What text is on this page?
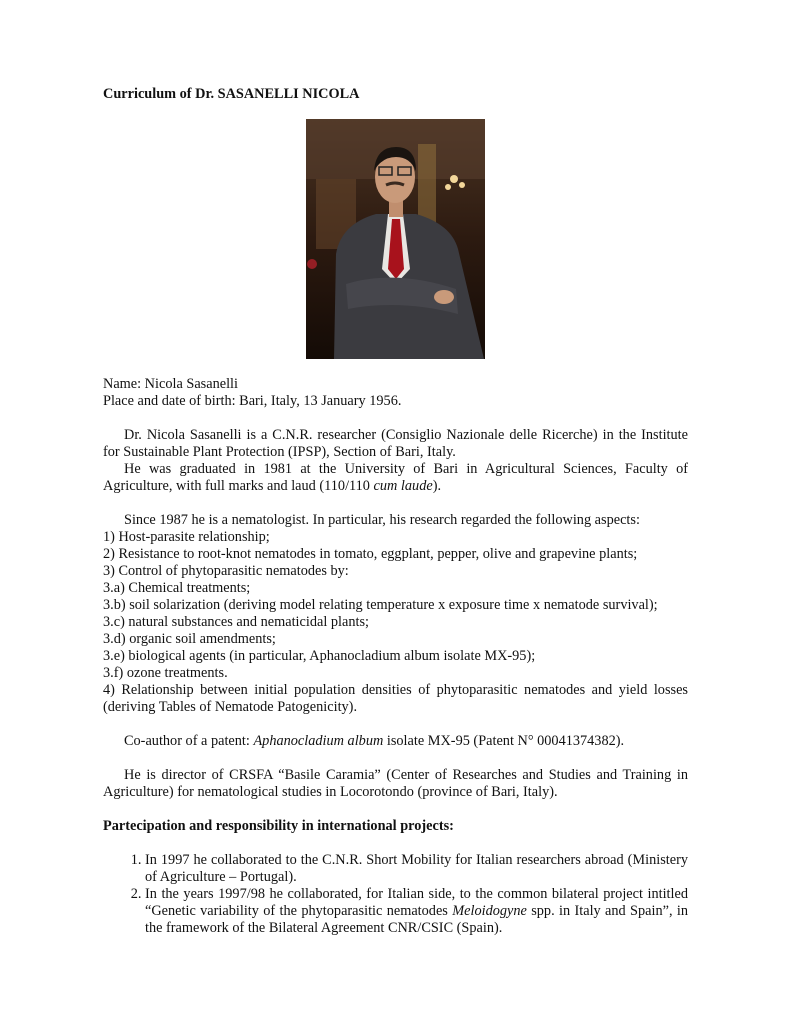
Curriculum of Dr. SASANELLI NICOLA

Name: Nicola Sasanelli

Place and date of birth: Bari, Italy, 13 January 1956.

Dr. Nicola Sasanelli is a C.N.R. researcher (Consiglio Nazionale delle Ricerche) in the Institute for Sustainable Plant Protection (IPSP), Section of Bari, Italy.

He was graduated in 1981 at the University of Bari in Agricultural Sciences, Faculty of Agriculture, with full marks and laud (110/110 cum laude).

Since 1987 he is a nematologist. In particular, his research regarded the following aspects:

1) Host-parasite relationship;

2) Resistance to root-knot nematodes in tomato, eggplant, pepper, olive and grapevine plants;

3) Control of phytoparasitic nematodes by:

3.a) Chemical treatments;

3.b) soil solarization (deriving model relating temperature x exposure time x nematode survival);

3.c) natural substances and nematicidal plants;

3.d) organic soil amendments;

3.e) biological agents (in particular, Aphanocladium album isolate MX-95);

3.f) ozone treatments.

4) Relationship between initial population densities of phytoparasitic nematodes and yield losses (deriving Tables of Nematode Patogenicity).

Co-author of a patent: Aphanocladium album isolate MX-95 (Patent N° 00041374382).

He is director of CRSFA “Basile Caramia” (Center of Researches and Studies and Training in Agriculture) for nematological studies in Locorotondo (province of Bari, Italy).

Partecipation and responsibility in international projects:

1. In 1997 he collaborated to the C.N.R. Short Mobility for Italian researchers abroad (Ministery of Agriculture – Portugal).
2. In the years 1997/98 he collaborated, for Italian side, to the common bilateral project intitled “Genetic variability of the phytoparasitic nematodes Meloidogyne spp. in Italy and Spain”, in the framework of the Bilateral Agreement CNR/CSIC (Spain).
